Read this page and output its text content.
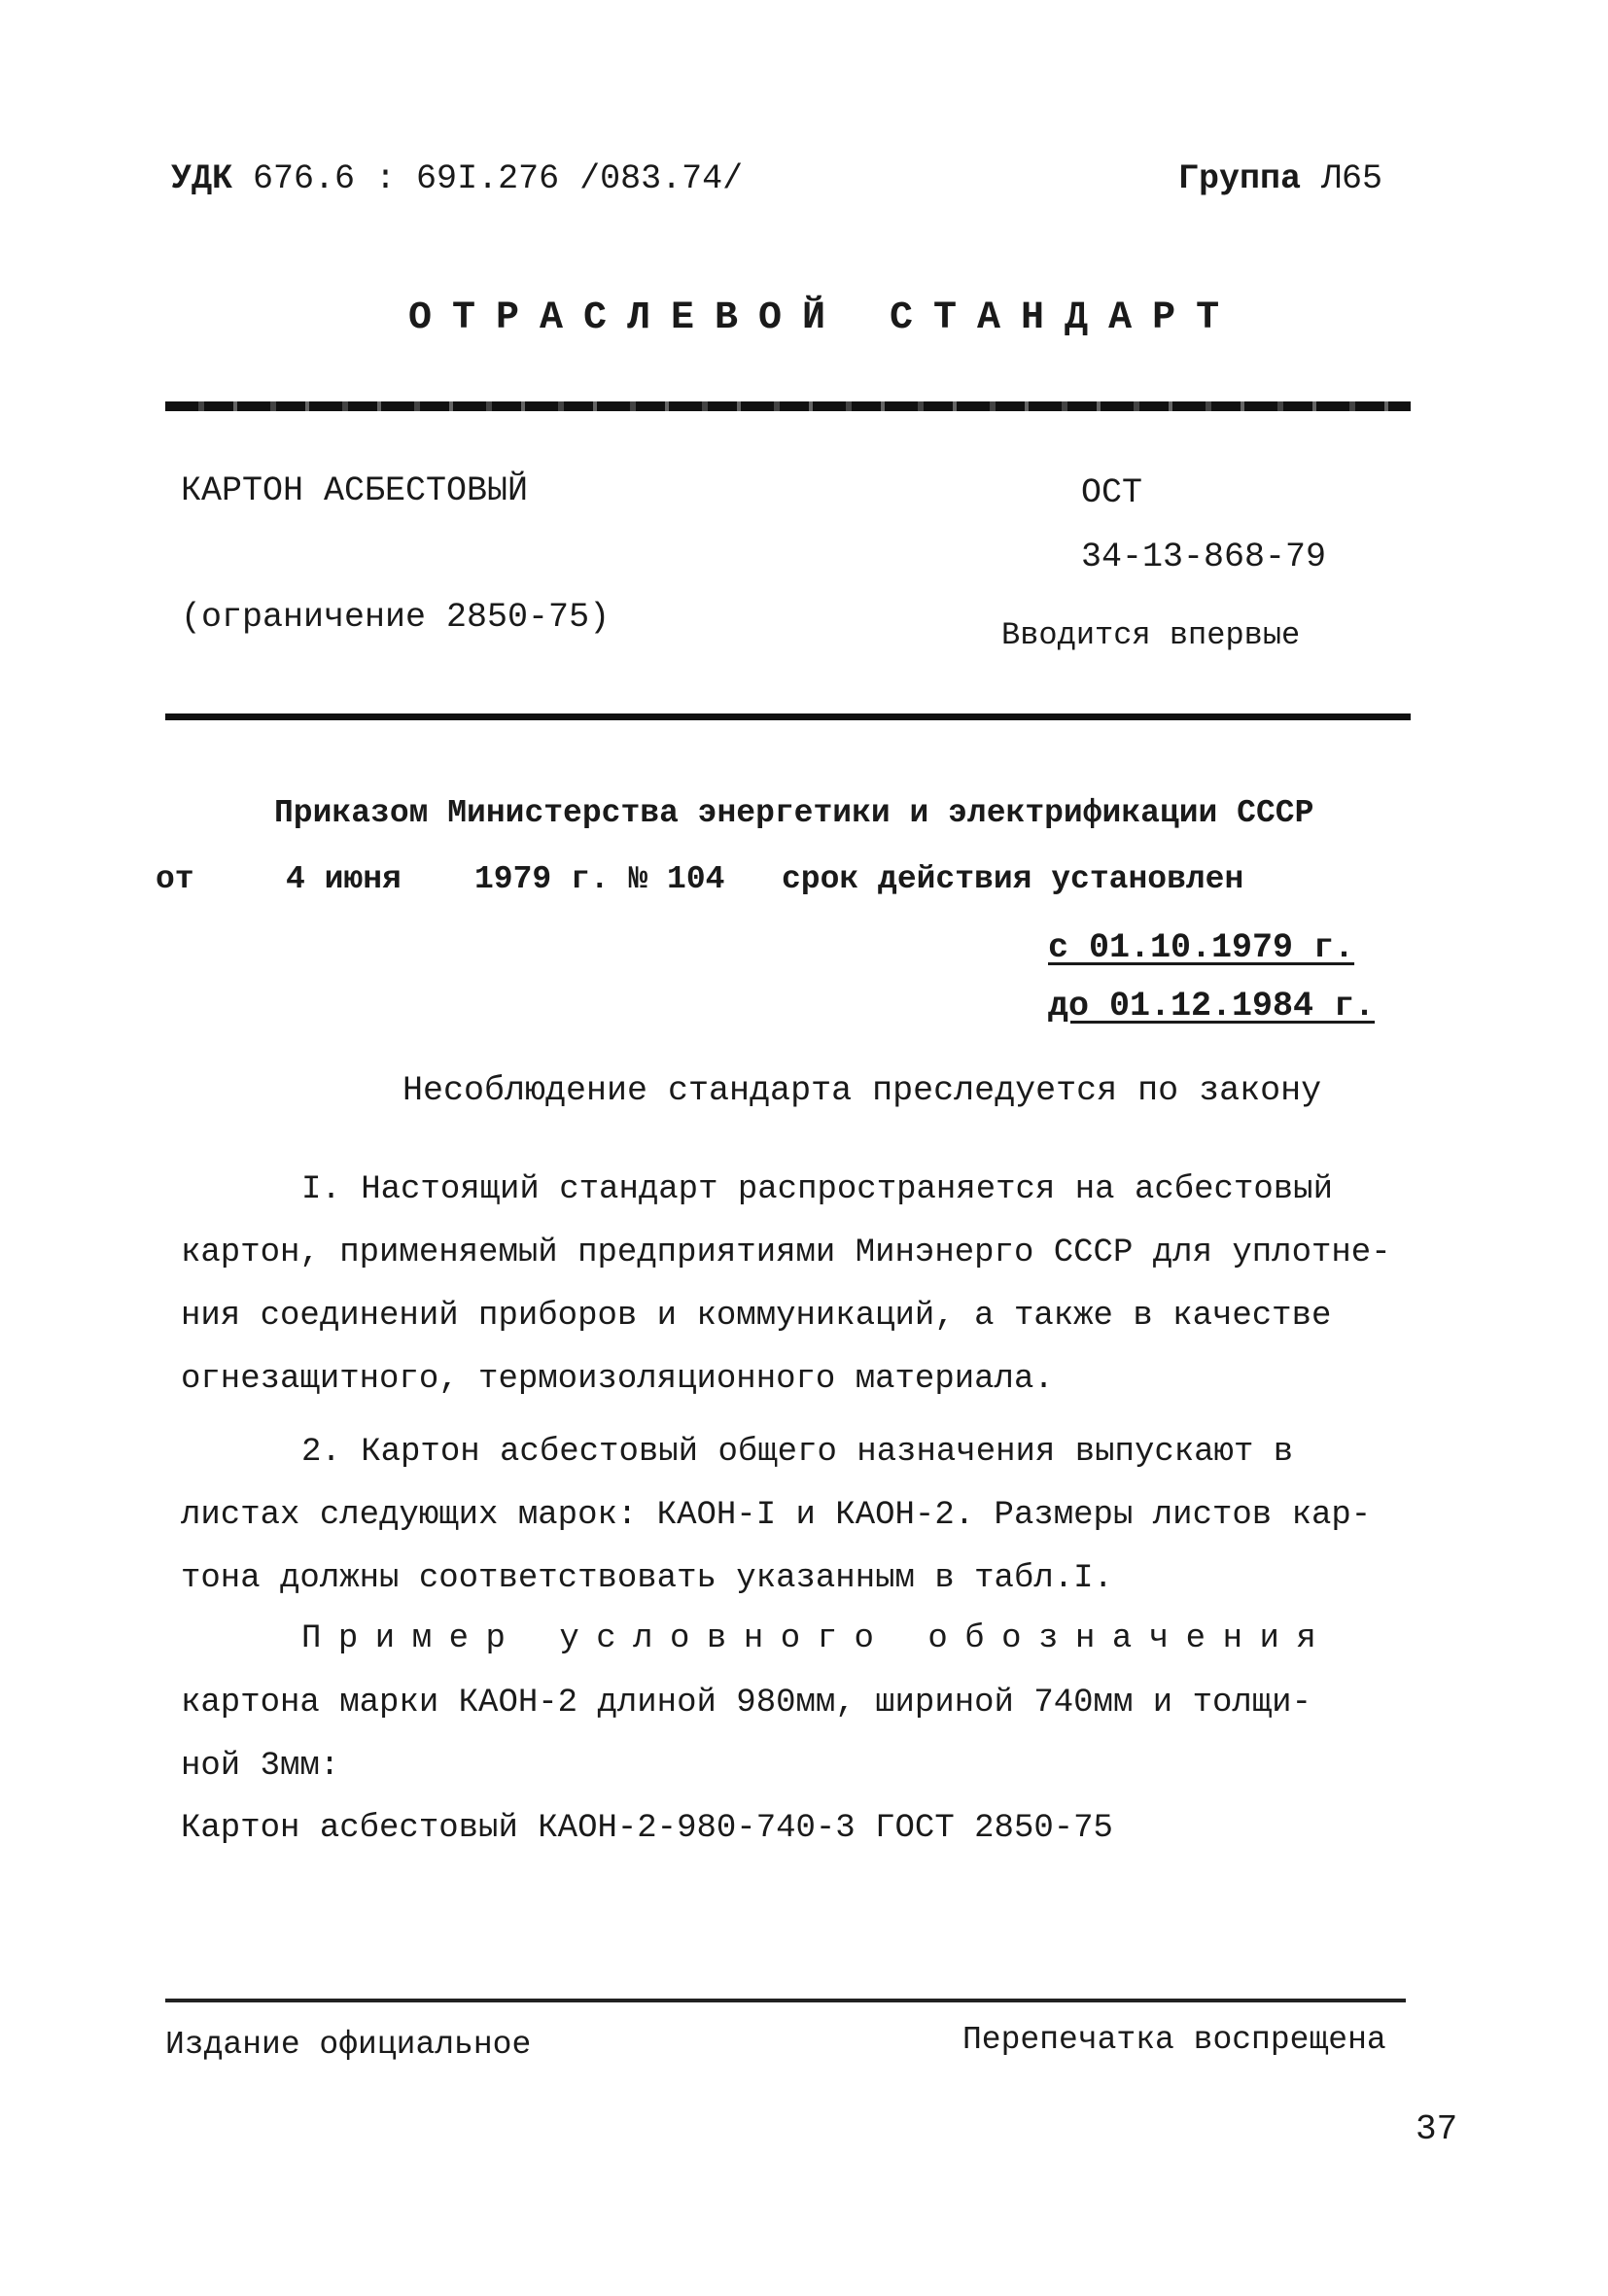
УДК 676.6 : 69I.276 /083.74/	Группа Л65
ОТРАСЛЕВОЙ СТАНДАРТ
КАРТОН АСБЕСТОВЫЙ
(ограничение 2850-75)
ОСТ
34-13-868-79
Вводится впервые
Приказом Министерства энергетики и электрификации СССР
от	4 июня 1979 г. № 104 срок действия установлен
с 01.10.1979 г.
до 01.12.1984 г.
Несоблюдение стандарта преследуется по закону
I. Настоящий стандарт распространяется на асбестовый
картон, применяемый предприятиями Минэнерго СССР для уплотне-
ния соединений приборов и коммуникаций, а также в качестве
огнезащитного, термоизоляционного материала.
2. Картон асбестовый общего назначения выпускают в
листах следующих марок: КАОН-I и КАОН-2. Размеры листов кар-
тона должны соответствовать указанным в табл.I.
Пример условного обозначения
картона марки КАОН-2 длиной 980мм, шириной 740мм и толщи-
ной 3мм:
Картон асбестовый КАОН-2-980-740-3 ГОСТ 2850-75
Издание официальное	Перепечатка воспрещена
37
